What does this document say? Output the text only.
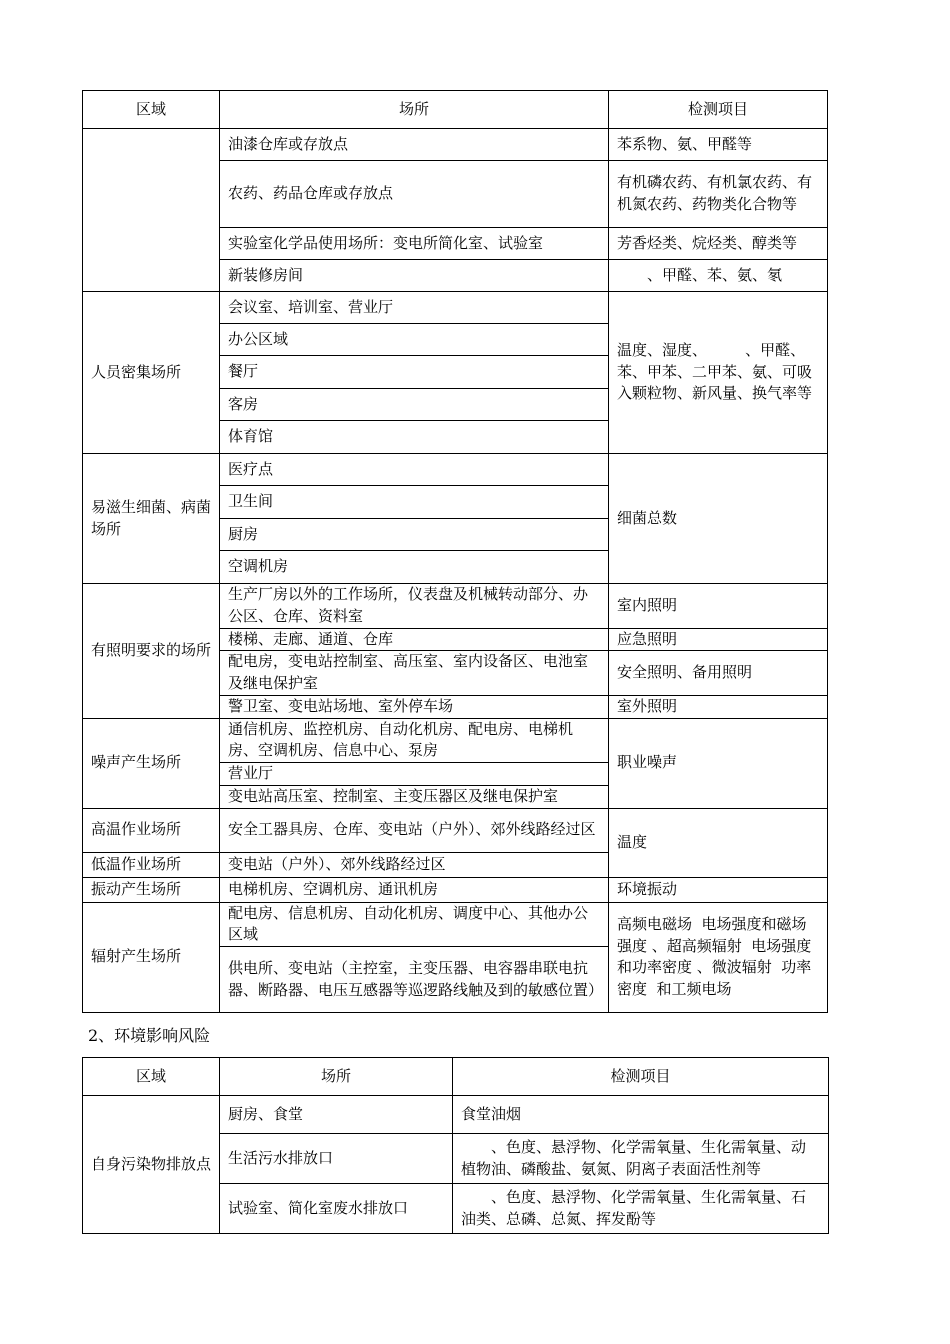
区域	场所	检测项目
	油漆仓库或存放点	苯系物、氨、甲醛等
	农药、药品仓库或存放点	有机磷农药、有机氯农药、有机氮农药、药物类化合物等
	实验室化学品使用场所：变电所简化室、试验室	芳香烃类、烷烃类、醇类等
	新装修房间	、甲醛、苯、氨、氡
人员密集场所	会议室、培训室、营业厅	温度、湿度、        、甲醛、苯、甲苯、二甲苯、氨、可吸入颗粒物、新风量、换气率等
	办公区域	
	餐厅	
	客房	
	体育馆	
易滋生细菌、病菌场所	医疗点	细菌总数
	卫生间	
	厨房	
	空调机房	
有照明要求的场所	生产厂房以外的工作场所，仪表盘及机械转动部分、办公区、仓库、资料室	室内照明
	楼梯、走廊、通道、仓库	应急照明
	配电房，变电站控制室、高压室、室内设备区、电池室及继电保护室	安全照明、备用照明
	警卫室、变电站场地、室外停车场	室外照明
噪声产生场所	通信机房、监控机房、自动化机房、配电房、电梯机房、空调机房、信息中心、泵房	职业噪声
	营业厅	
	变电站高压室、控制室、主变压器区及继电保护室	
高温作业场所	安全工器具房、仓库、变电站（户外）、郊外线路经过区	温度
低温作业场所	变电站（户外）、郊外线路经过区	
振动产生场所	电梯机房、空调机房、通讯机房	环境振动
辐射产生场所	配电房、信息机房、自动化机房、调度中心、其他办公区域	高频电磁场  电场强度和磁场强度 、超高频辐射  电场强度和功率密度 、微波辐射  功率密度  和工频电场
	供电所、变电站（主控室，主变压器、电容器串联电抗器、断路器、电压互感器等巡逻路线触及到的敏感位置）	
2、环境影响风险
区域	场所	检测项目
自身污染物排放点	厨房、食堂	食堂油烟
	生活污水排放口	、色度、悬浮物、化学需氧量、生化需氧量、动植物油、磷酸盐、氨氮、阴离子表面活性剂等
	试验室、简化室废水排放口	、色度、悬浮物、化学需氧量、生化需氧量、石油类、总磷、总氮、挥发酚等
